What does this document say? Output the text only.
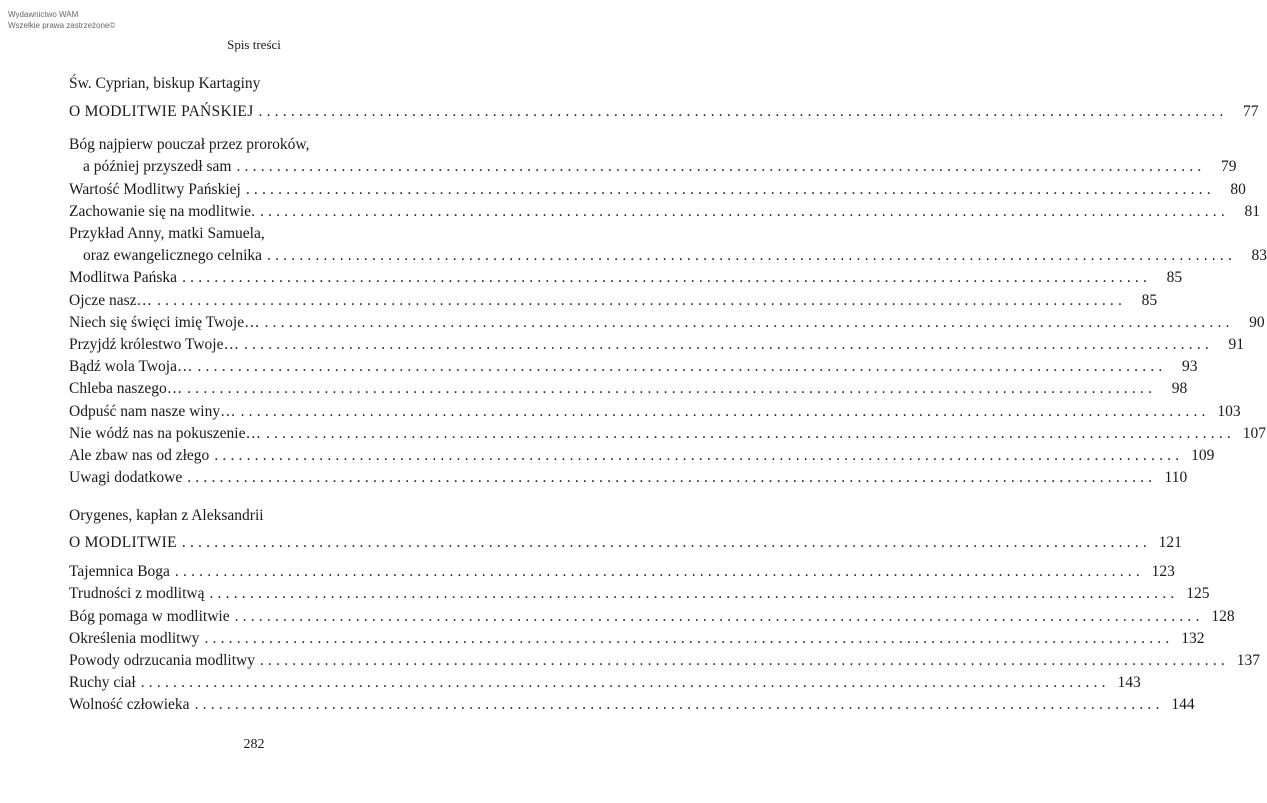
Wydawnictwo WAM
Wszelkie prawa zastrzeżone©
Spis treści
Św. Cyprian, biskup Kartaginy
O MODLITWIE PAŃSKIEJ ........................................................................................................................	77
Bóg najpierw pouczał przez proroków,
a później przyszedł sam ........................................................................................................................	79
Wartość Modlitwy Pańskiej ........................................................................................................................	80
Zachowanie się na modlitwie. ........................................................................................................................	81
Przykład Anny, matki Samuela,
oraz ewangelicznego celnika ........................................................................................................................	83
Modlitwa Pańska ........................................................................................................................	85
Ojcze nasz… ........................................................................................................................	85
Niech się święci imię Twoje… ........................................................................................................................	90
Przyjdź królestwo Twoje… ........................................................................................................................	91
Bądź wola Twoja… ........................................................................................................................	93
Chleba naszego… ........................................................................................................................	98
Odpuść nam nasze winy… ........................................................................................................................ 103
Nie wódź nas na pokuszenie… ........................................................................................................................ 107
Ale zbaw nas od złego ........................................................................................................................ 109
Uwagi dodatkowe ........................................................................................................................ 110
Orygenes, kapłan z Aleksandrii
O MODLITWIE ........................................................................................................................ 121
Tajemnica Boga ........................................................................................................................ 123
Trudności z modlitwą ........................................................................................................................ 125
Bóg pomaga w modlitwie ........................................................................................................................ 128
Określenia modlitwy ........................................................................................................................ 132
Powody odrzucania modlitwy ........................................................................................................................ 137
Ruchy ciał ........................................................................................................................ 143
Wolność człowieka ........................................................................................................................ 144
282
